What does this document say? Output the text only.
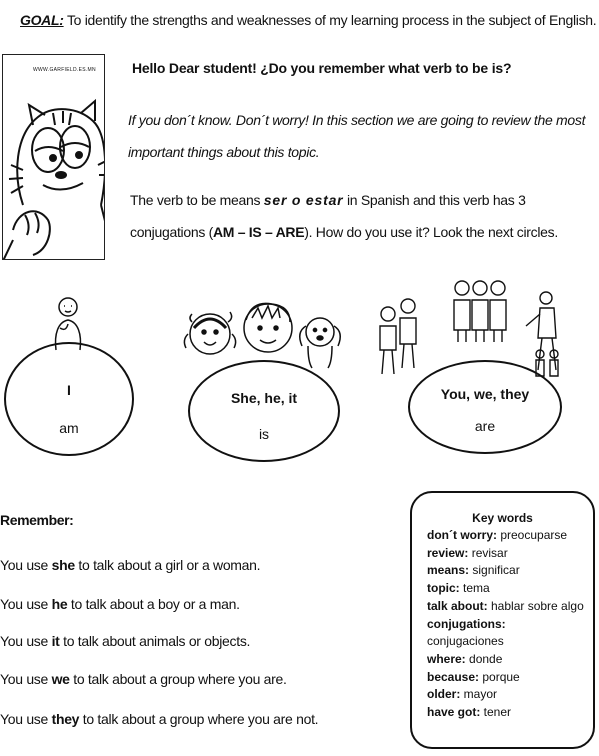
GOAL: To identify the strengths and weaknesses of my learning process in the subject of English.
WWW.GARFIELD.ES.MN	Hello Dear student! ¿Do you remember what verb to be is?
If you don´t know. Don´t worry! In this section we are going to review the most important things about this topic.
The verb to be means ser o estar in Spanish and this verb has 3 conjugations (AM – IS – ARE). How do you use it? Look the next circles.
I
am
She, he, it
is
You, we, they
are
Remember:
You use she to talk about a girl or a woman.
You use he to talk about a boy or a man.
You use it to talk about animals or objects.
You use we to talk about a group where you are.
You use they to talk about a group where you are not.
Key words
don´t worry: preocuparse
review: revisar
means: significar
topic: tema
talk about: hablar sobre algo
conjugations:
conjugaciones
where: donde
because: porque
older: mayor
have got: tener
